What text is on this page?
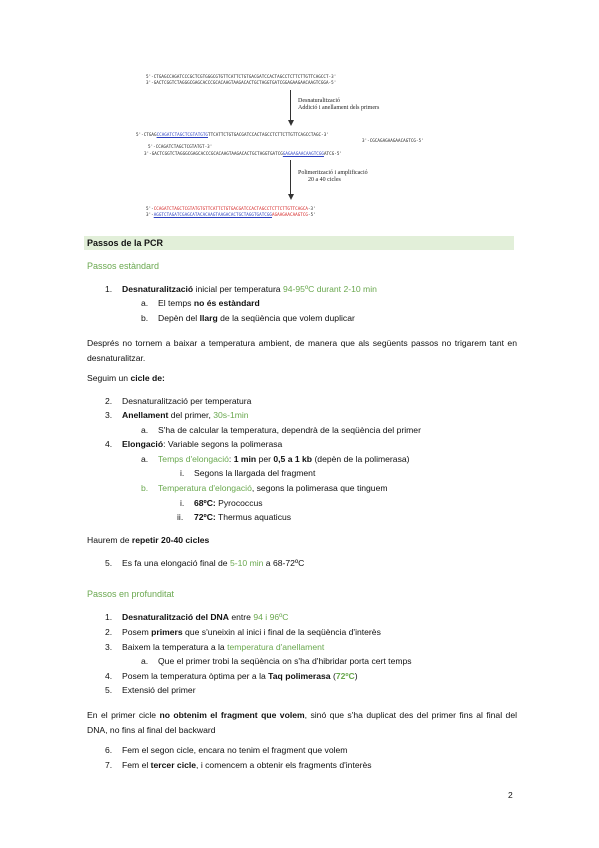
5'-CTGAGCCAGATCCCGCTCGTGGGCGTGTTCATTCTGTGACGATCCACTAGCCTCTTCTTGTTCAGCCT-3'
3'-GACTCGGTCTAGGGCGAGCACCCGCACAAGTAAGACACTGCTAGGTGATCGGAGAAGAACAAGTCGGA-5'
Desnaturalització
Addició i anellament dels primers
5'-CTGAGCCAGATCTAGCTCGTATGTGTTCATTCTGTGACGATCCACTAGCCTCTTCTTGTTCAGCCTAGC-3'
3'-CGCAGAGAAGAACAGTCG-5'
5'-CCAGATCTAGCTCGTATGT-3'
3'-GACTCGGTCTAGGGCGAGCACCCGCACAAGTAAGACACTGCTAGGTGATCGGAGAAGAACAAGTCGGATCG-5'
Polimerització i amplificació
20 a 40 cicles
5'-CCAGATCTAGCTCGTATGTGTTCATTCTGTGACGATCCACTAGCCTCTTCTTGTTCAGCA-3'
3'-AGGTCTAGATCGAGCATACACAAGTAAGACACTGCTAGGTGATCGGAGAAGAACAAGTCG-5'
Passos de la PCR
Passos estàndard
1. Desnaturalització inicial per temperatura 94-95ºC durant 2-10 min
a. El temps no és estàndard
b. Depèn del llarg de la seqüència que volem duplicar
Després no tornem a baixar a temperatura ambient, de manera que als següents passos no trigarem tant en desnaturalitzar.
Seguim un cicle de:
2. Desnaturalització per temperatura
3. Anellament del primer, 30s-1min
a. S'ha de calcular la temperatura, dependrà de la seqüència del primer
4. Elongació: Variable segons la polimerasa
a. Temps d'elongació: 1 min per 0,5 a 1 kb (depèn de la polimerasa)
i. Segons la llargada del fragment
b. Temperatura d'elongació, segons la polimerasa que tinguem
i. 68ºC: Pyrococcus
ii. 72ºC: Thermus aquaticus
Haurem de repetir 20-40 cicles
5. Es fa una elongació final de 5-10 min a 68-72ºC
Passos en profunditat
1. Desnaturalització del DNA entre 94 i 96ºC
2. Posem primers que s'uneixin al inici i final de la seqüència d'interès
3. Baixem la temperatura a la temperatura d'anellament
a. Que el primer trobi la seqüència on s'ha d'hibridar porta cert temps
4. Posem la temperatura òptima per a la Taq polimerasa (72ºC)
5. Extensió del primer
En el primer cicle no obtenim el fragment que volem, sinó que s'ha duplicat des del primer fins al final del DNA, no fins al final del backward
6. Fem el segon cicle, encara no tenim el fragment que volem
7. Fem el tercer cicle, i comencem a obtenir els fragments d'interès
2
